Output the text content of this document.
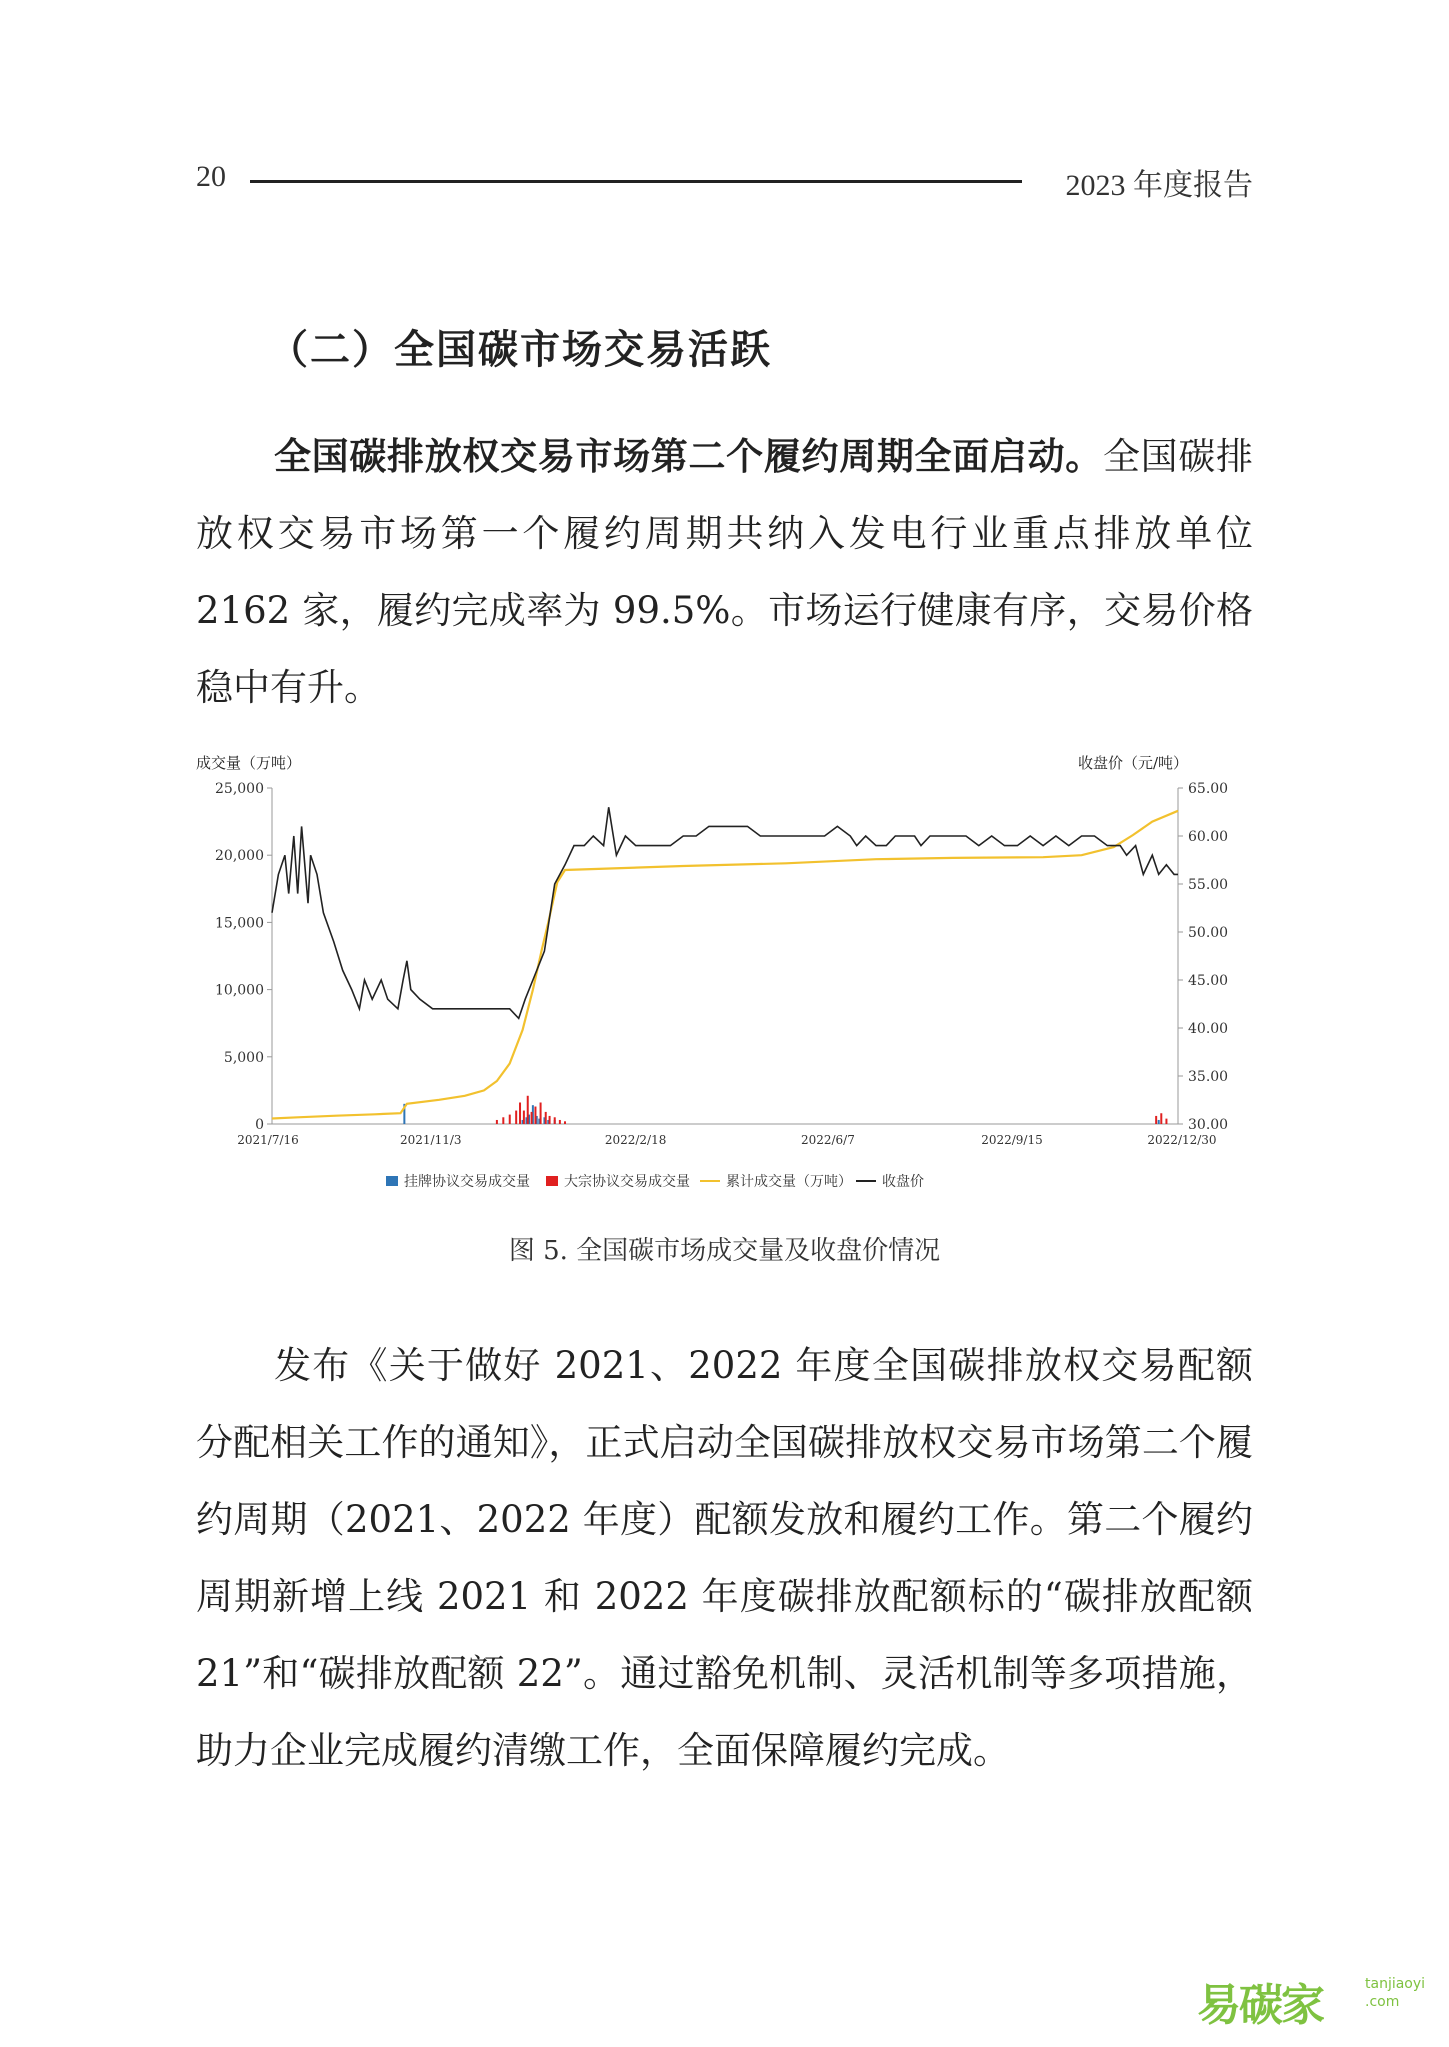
20	2023 年度报告
（二）全国碳市场交易活跃
全国碳排放权交易市场第二个履约周期全面启动。全国碳排放权交易市场第一个履约周期共纳入发电行业重点排放单位 2162 家，履约完成率为 99.5%。市场运行健康有序，交易价格稳中有升。
成交量（万吨）	收盘价（元/吨）
0
5,000
10,000
15,000
20,000
25,000
30.00
35.00
40.00
45.00
50.00
55.00
60.00
65.00
2021/7/16	2021/11/3	2022/2/18	2022/6/7	2022/9/15	2022/12/30
挂牌协议交易成交量 大宗协议交易成交量	累计成交量（万吨） 收盘价
图 5. 全国碳市场成交量及收盘价情况
发布《关于做好 2021、2022 年度全国碳排放权交易配额分配相关工作的通知》，正式启动全国碳排放权交易市场第二个履约周期（2021、2022 年度）配额发放和履约工作。第二个履约周期新增上线 2021 和 2022 年度碳排放配额标的“碳排放配额 21”和“碳排放配额 22”。通过豁免机制、灵活机制等多项措施，助力企业完成履约清缴工作，全面保障履约完成。
易碳家	tanjiaoyi
.com
